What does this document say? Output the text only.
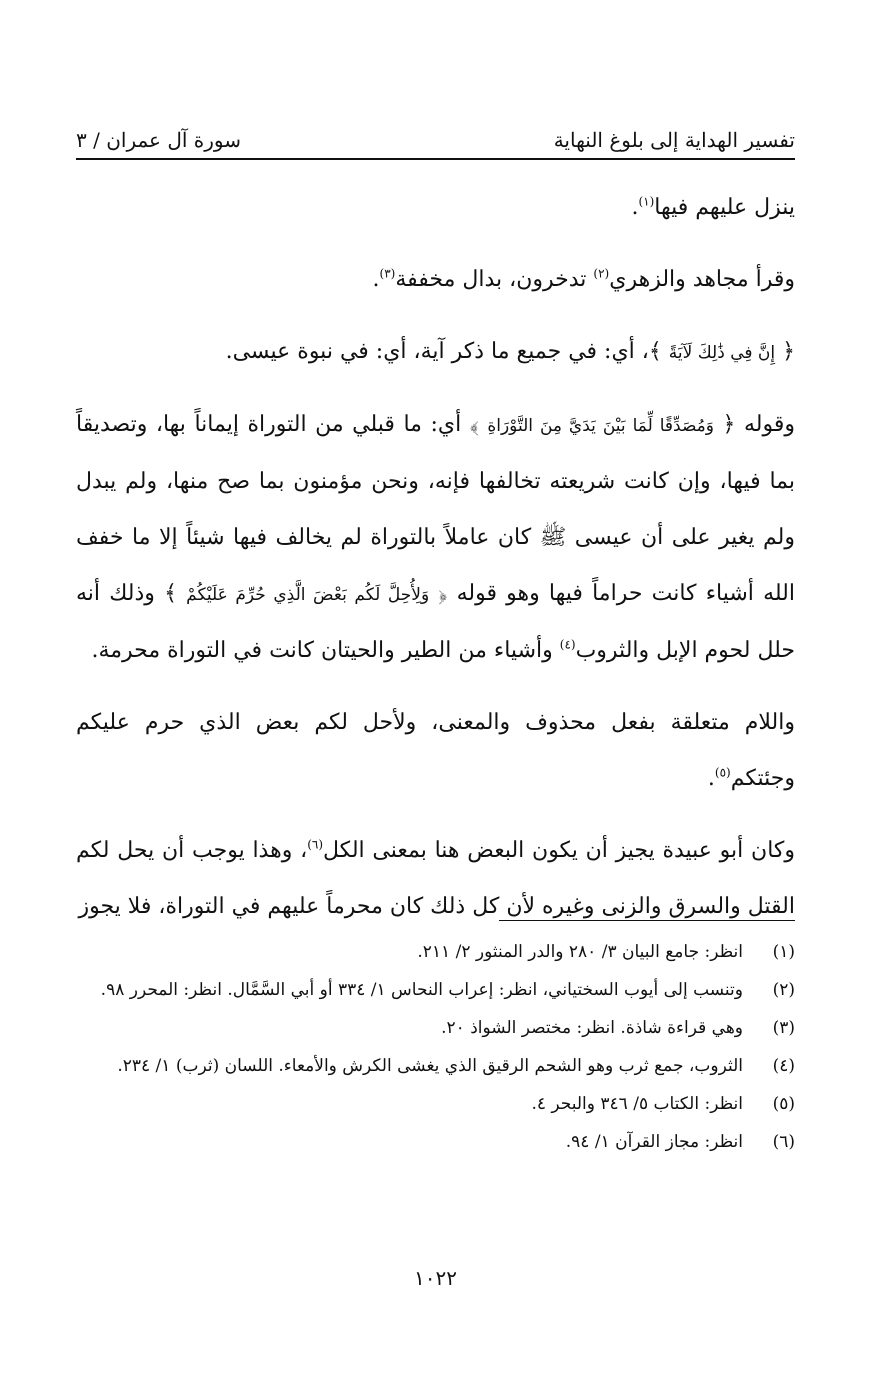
تفسير الهداية إلى بلوغ النهاية
سورة آل عمران / ٣

ينزل عليهم فيها$^{(١)}$.

وقرأ مجاهد والزهري$^{(٢)}$ تدخرون، بدال مخففة$^{(٣)}$.

﴿ إِنَّ فِي ذَٰلِكَ لَآيَةً ﴾، أي: في جميع ما ذكر آية، أي: في نبوة عيسى.

وقوله ﴿ وَمُصَدِّقًا لِّمَا بَيْنَ يَدَيَّ مِنَ التَّوْرَاةِ ﴾ أي: ما قبلي من التوراة إيماناً بها، وتصديقاً بما فيها، وإن كانت شريعته تخالفها فإنه، ونحن مؤمنون بما صح منها، ولم يبدل ولم يغير على أن عيسى ﷺ كان عاملاً بالتوراة لم يخالف فيها شيئاً إلا ما خفف الله أشياء كانت حراماً فيها وهو قوله ﴿ وَلِأُحِلَّ لَكُم بَعْضَ الَّذِي حُرِّمَ عَلَيْكُمْ ﴾ وذلك أنه حلل لحوم الإبل والثروب$^{(٤)}$ وأشياء من الطير والحيتان كانت في التوراة محرمة.

واللام متعلقة بفعل محذوف والمعنى، ولأحل لكم بعض الذي حرم عليكم وجئتكم$^{(٥)}$.

وكان أبو عبيدة يجيز أن يكون البعض هنا بمعنى الكل$^{(٦)}$، وهذا يوجب أن يحل لكم القتل والسرق والزنى وغيره لأن كل ذلك كان محرماً عليهم في التوراة، فلا يجوز

(١)
انظر: جامع البيان ٣/ ٢٨٠ والدر المنثور ٢/ ٢١١.
(٢)
وتنسب إلى أيوب السختياني، انظر: إعراب النحاس ١/ ٣٣٤ أو أبي السَّمَّال. انظر: المحرر ٩٨.
(٣)
وهي قراءة شاذة. انظر: مختصر الشواذ ٢٠.
(٤)
الثروب، جمع ثرب وهو الشحم الرقيق الذي يغشى الكرش والأمعاء. اللسان (ثرب) ١/ ٢٣٤.
(٥)
انظر: الكتاب ٥/ ٣٤٦ والبحر ٤.
(٦)
انظر: مجاز القرآن ١/ ٩٤.
١٠٢٢
